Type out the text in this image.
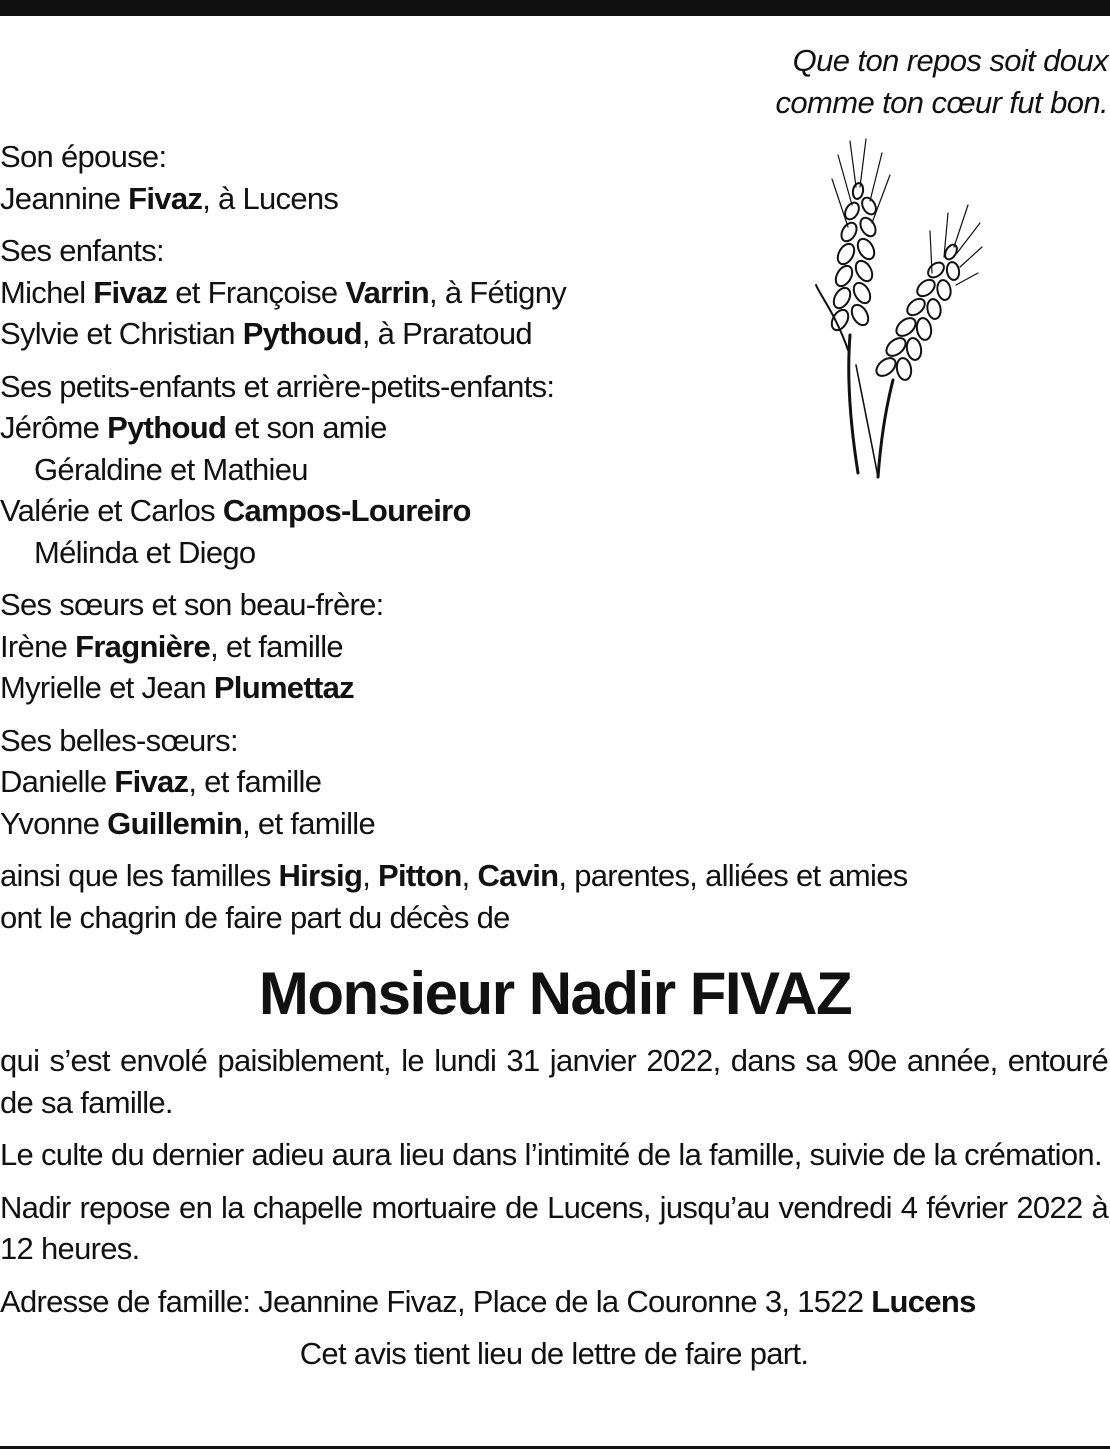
Que ton repos soit doux
comme ton cœur fut bon.
Son épouse:
Jeannine Fivaz, à Lucens
Ses enfants:
Michel Fivaz et Françoise Varrin, à Fétigny
Sylvie et Christian Pythoud, à Praratoud
Ses petits-enfants et arrière-petits-enfants:
Jérôme Pythoud et son amie
Géraldine et Mathieu
Valérie et Carlos Campos-Loureiro
Mélinda et Diego
Ses sœurs et son beau-frère:
Irène Fragnière, et famille
Myrielle et Jean Plumettaz
Ses belles-sœurs:
Danielle Fivaz, et famille
Yvonne Guillemin, et famille
ainsi que les familles Hirsig, Pitton, Cavin, parentes, alliées et amies
ont le chagrin de faire part du décès de
Monsieur Nadir FIVAZ

qui s’est envolé paisiblement, le lundi 31 janvier 2022, dans sa 90e année, entouré de sa famille.

Le culte du dernier adieu aura lieu dans l’intimité de la famille, suivie de la crémation.

Nadir repose en la chapelle mortuaire de Lucens, jusqu’au vendredi 4 février 2022 à 12 heures.

Adresse de famille: Jeannine Fivaz, Place de la Couronne 3, 1522 Lucens

Cet avis tient lieu de lettre de faire part.
